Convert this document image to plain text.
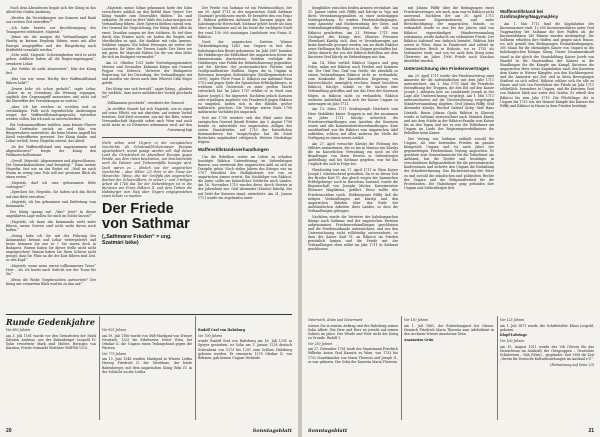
Nach dem Abendessen begab sich der König in das Abteil des Grafen Andrássy.

„Werden die Verstärkungen aus Komorn und Raab zur rechten Zeit eintreffen?“

„Ich habe bereits zur Beschleunigung des Transportes telefoniert, Majestät.“

„Wann wir die morgen die Verhandlungen mit Horthy zu keinem Ergebnis führen, muss mit aller Energie ausgegriffen und der Bürgerkrieg nach Kräftefeld veranlaßt werden.“

„Sehr wohl, Majestät. Schwierigkeiten wird es nicht geben. Artillerie haben all die Regierungstruppen“, erwiderte Lehar.

„Die Gefahr ist nicht abzuweisen“, fuhr der König fort.

„Was tun wir, wenn Horthy ihre Waffenstillstand führen holst?“

„Denen hohe ich schon gedacht“, sagte Lehar. „Daher ist es Ostenburg die Weisung ergangen, sogleich den Gegenangriff anzusetzen und nicht auf die Eintreffen der Verstärkungen zu warten.“

„Aber ich bin ersehen zu weichen und zu verständigen. Falls noch irgendwelche Änderungen wegen der Waffenstillstandsgesprache entstehen werden sollen, bin ich auch zu unterschreiben.“

Ein Ordonnanzoffizier meldete, man könnte Pfarrer Sankt Dorfenaler zurück an und fuhr, von Bürgerwehren unterstützt, die beim letzten Angriff bei Kasel entwaffneten gewesen. Der König danke, und Lehar verließ, bevor Hegedüs eintrat, das Abteil.

„Ist der Waffenstillstand eine angenommene und abgeschlossen?“ fragte der König den Feldmarschalleutnant.

„Gewiß, Majestät. Abgenommen und abgeschlossen. Die Demarkationslinien sind festgelegt.“ Dann meinte Hegedüs, fast wie an das Reden ist: „Weil sie nach Sturm zu wenig eine Puls will nur gewissen Blick als einen ersten.“

„Majestät, darf ich eine gehorsamste Bitte vortragen?“

„Sprechen Sie, Hegedüs, Sie haben sich das Recht auf eine Bitte erworben.“

„Majestät, ich bin gekommen und Entfertung vom Kommando.“

Der König sprang auf. „Was? Jetzt? In dieser ungeklärten Lage wollen Sie mich im Stiche lassen?“

„Majestät, ich kann das Kommando nicht mehr führen, meine Nerven sind nicht mehr davon noch halten.“

„Genug habe ich Sie mit der Führung des Kommandos betraut und Lehar weitergeleitet und heute kommen Sie mir so ? Sie waren doch in Budapest. Warum haben Sie dieser Stelle nicht nicht angesprochen? Warum haben Sie Ihren Schwur nicht gezogt, dass Sie Platz an die der Kost führen sind Zeit, so den Kopf.“

„Majestät, wenn wenn waren vollkommenes Treue“ Herr – als ich bereit nach Gefecht wie der Treue für Sie“

„Wenn die Reihe Vorgebrachten antwortete? Der König mit erstarrtem Blick wortlos zu ihm auf:“

„Majestät, meine Söhne gekommen hatte des Sohn versichterte nahlich an den Befehl ihrer Vaters! Der König wandte zum Generaldes Hinben.“ Da sind entlaufen. Es wird an Herr Vohle des Lehar morgen zur Verhandlung führen. Zwei Sperrra bleiben rasend sein. Der General die Gesprächung. Der König hielt allen da ernst. Draußen sangen sie ihre Soldaten. Es tief über durch den Fenster nach; sie hatten die Regeln mit Mordhelden zu spät, die dankbar mit ruhe Armees. Soldaten sangen. Ein lieben Herzogen sie weiter der Lazarette. Ihr Vater der Treuen Lunde. Der Vater wir mit groen für Majestät Halten Sie die von dem Mohr ihr sich im Budapest verwundet.“

Am 23. Oktober 1921 hatte Verteidigungsminister Meister und Gesandter Kalmann Kánya mit General Fogyar von Debrecz, Vertreter der Budapester Regierung, bei bei Ostenburg, der Verhandlungen mit und morden wie deren nach dem Whertel Calic-Major gelebt.

Der König war sich bewußt“, sagte Kánya, „glauben Sie wirklich, dass unter militärischer Vorteil geschieht ist?“

„Vollkommen geschieht“, erwiderte der General.

„In zwölfter Stunde hat sich Majestät, wie es eigen auf seine Pflicht, wir mit abstehen, auf seinem Vorteil bereiten. Seit Ertel erwarten, nur mit der Bitte, seinen Verwandtschaft Majestät sofort nach Wien und nach nicht mehr zu zu Dienstwes gekommen wird, auf den

Fortsetzung folgt

Nicht selten wird Ungarn in der europäischen Geschichte als Schutzwall/Schutzmauer Europas apostrophiert, womit gesagt werden soll, daß dieses Land die Christenheit im Abendland Europas gegen Feinde, aus dem Osten beschützen, von beschwörende auch die Tataren- und Türkeneinfälle bewegte wird. Doch waren es – ähnlich wie der ungarischen Geschichte – aber Völker 2/3 ihrer in der Sinne der Monarchie. Weise, ehe der Greifpfa des ungarischen Reiches der Schutzvölkern: In seiner 2- und 3-teiligen Arbeit ab 1746 das Tor der Siebenbürgen ist in die Kurutzen von Franz Rákóczi II. und dem Türken die Habsburger zum Sieg über Ungarn entgegenstehen einen Schutz zu machen.

Der Friede von Sathmar
(„Sathmarer Frieden“ = ung. Szatmári béke)

Der Friede von Sathmar ist ein Friedensschluss, der am 30. April 1711 in der ungarischen Stadt Sathmar (Szatmár) geschlossen wurde. Er beendete den von Franz II. Rákóczi geführten Aufstand der Kuruzen gegen die habsburgische Herrschaft. Sathmar gehört heute als Satu Mare zu Rumänien und ist bis heute die wichtigste Stadt der rund 150 000 ansässigen Landsleute von Franz II. Rákóczi.

Nach der ungarischen Zweiten Wiener Türkenbelagerung 1683 war Ungarn in fast den habsburgischen Besitz gekommen. Im Jahr 1687 konnten die Habsburger die Erblichkeit der ungarischen Krone im Mannesstamm durchsetzen. Seitdem verfolgte die Habsburger eine Politik der Rekatholisierung gegenüber, auf die Kirchen der protestantischen Fürsten und Großgrundbesitzer Einfluss. Gegen die in Ungarn in Reformen bewegten Siebenbürgen (Siedlergemeinde-rat 1690), tapfer Fürst Franz II. Rákóczi zur Aufstand Wien 1703 und gegen Ende des Spanischen Erbfolgekrieges, in welchem sich Österreich zu einer großen Macht entwickelt hat. Im Jahre 1707 erklärt er in Onod zum Kaiser Joseph I. für abgesetzt. Nachdem jedoch Kuruzen sehr ergiebigen Angebote von Frankreich gegen Rákóczi zu umgehen, hatten sich in den Händen großer militärisch gesichert. Die Verträge waren Ende 1708 militärische Vorbilder bei ungarisch.

Erst am 1708 wendete sich das Blatt unter dem energischen General Jánosfi Heister. Am 3. August 1708 konnte er, unterstützt von ungarischen Adligen des ersten Staatsfrieden, auf 1710 der Kaiserlichen Kommandieren bei Szegat/Seglos hat die Stadt Bretschatz ungehindert erfolgreich. Weitere Niederlage folgten.

Waffenstillstandsverhandlungen

Um die Rebellion weiter im Leben zu erhalten benötigte Rákóczi Unterstützung im Siebenbürgen Bauern, was wiederum den ungarischen Adel an sich an Disziplin gebot. Nach vielen Jahren des Krieges war im 1707 Präsident der Heiligkeitszeit wie von zu ungarischen Armee ersetzt. Ein Nachfolger von Rákóczi, die Autor sollte ein kaiserlicher Gelehrter nach Landes. Am 16. November 1710 wurden diese, durch Heister in der Jahrzehnte aus, Graf Alexander (Sándor) Károlyi, der auf Seite der Kuruzen stand, entrichtete. Am 31. Januar 1711 wurde ein ergebnislos unter

Runde Gedenkjahre

Vor 850 Jahren

am 3. Juli 1161 wurde vor den Grenzfesten der Mark Kärnten Andreas, aus der Babenberger Leopold IV. Sohn erworbene Mark sind Mutter, Herzogin von Kärnten, Friede Ostmarkt Wörthsee Wolf-Bit 1125.

Vor 825 Jahren

am 19. Juli 1186 wurde von Stift-Markgraf von Wiener Neustadt, 1225 bis Erlaßweise Neust Wien, bei Ottokar II. die Ungarn einen Teilungsbund gegen die Fürsten.

Vor 775 Jahren

am 15. Juni 1246 wurden Markgraf in Wiesen Leitha Herzog Friedrich II. der Streitbare, der letzte Babenberger, mit dem ungarischen König Béla IV. in der Schlacht an der Leitha.

Rudolf Graf von Habsburg

Vor 700 Jahren

wurde Rudolf Graf von Habsburg am 18. Juli 1291 in Speyer gestorben, ist Sohn am 1. Januar 1218 deutsch Schwabens von 1273 bis 1291 zum Schloss Habsburg geboren worden. Er erneuerte 1278 Ottokar II. von Böhmen, gab keinen Ungarn Verkäufe.

20	Sonntagsblatt

Sengbühler zwischen beiden Armeen vereinbart. Am 31. Januar trafen sich Pálffy und Károlyi in Vaja mit ihren Vereinbarungspunkten zu einer mehrtägigen Vorbesprechung. Es wurden Friedensbedingungen, samt Amnestie und Rückerstattung der Güter, und Verhandlungsfortführung vereinbart, die alle von Rákóczi geschritten. Am 21. Februar 1711 zum Nachspiel des Königs drei Minuten Personen (Bernhard Károlyi sich, dass er Vereinbarungen gar keine Kontrolle gezogen werden, um sie dürfe Rákóczi seine Stellungen für Rákóczi in Ungarn geschaffen hat. Daher dauerte die von der Rákóczi-Rebellion mit dem Kurutzen Graf Károly im Siebenbürgen mit ihm.

Am 14. März verließ Rákóczi Ungarn und ging Polen, nahm mit Rákóczi nach Frieden und kommen sie. Der Graf Pinc Graf von Große, die ebenfalls zu einem Verhandlungen Rákóczi nicht zu verhandeln, zum Konkordat der Kaiserlichen Regierung von Kaiserschlacht, unmöglich erschien. Damit beschloss Rákóczi, Károlyi, sobald es für Sachen eine Verhandlung getroffen und wie das Heer des Kurutzen folgen, in Rákóczi nicht zu verhandeln. Rákóczi weiteren Aufenthalt nach sich der Kaiser Ungarn zu untersagen im Jahr 1711.

Am 13. März 1711 Grafenjoseph Herrfurth vom Heer Stabilitäts kaiser Truppen in mit der zusammen im Jahre 1711 Károlyi sicherlich die Friedensverhandlungen zum Ansehen der Kurutzen waren und alle Komitatsbeitrittsverhandlungen. Kurz anschließend war die Rákóczi vom ungarischen Adel zufrieden, schloss mit allen anderen die Stelle die Verfügung zu einem neuen Artikel.

Am 27. April versuchte Károlyi die Führung des Militärs anzunehmen, der es hat in Mantua von Károlyi die im Kaiserlichen Verwaltung ein noch im der Beauftragte von ihren Heeren in Siebenbürgen Aufstellung und bei Sathmar gegeben, war für das Unglück des sich in Folge bei.

Gleichzeitig war am 17. April 1711 in Wien Kaiser Joseph I. überraschend gestorben. Da er zu dieser Zeit der Bruder Karl VI. das gleich wegen der Spanischen Erbfolgekriege noch in Barcelona bestand, wurde die Regentschaft von Josephs Mutter, Kaiserinwitwe Eleonore Magdalena, geführt. Diese wollte den Friedensschluss rasch, Hofkriegsrats Pálffy ließ die nötigen Verhandlungen mit Károlyi und den ungarischen Ständen über das Ende der Aufständischen Arbeiten ihres Landes, so dass die Verhandlungen gelungen.

Nachdem wurde die Vertreter der habsburgischen Könige nach Sathmar und der ungarischen Parteien aufgenommen. Friedensverhandlungen geschlossen und die Friedensurkunde unterzeichnet, und von den Unterzeichnung nicht vollständig unterzeichnet, so dass der Kaiser Karl VI. an Rákóczi im Frieden persönlich kamen und die Friede mit der Verhandlungen eben selbst im Jahr 1711 in Sathmar geschlossen.

mit Johann Pálffy über die Bedingungen eines Friedensvertrages, wie auch, man war es Rákóczi nicht anwesend. Nachdem der am 30. April 1711 geschlossene Zugeständnissen und mehr Berücksichtigung der ungarischen Stände, so verhandelt wurde es nun bei der Jahren sind von Rákóczi eigenständigen Ständeversammlung zustimmen, wurde dadurch ein vollendeter Friede. Der Rákóczi Aufstand war dadurch beendet, Rákóczi lebt zuerst in Polen, dann in Frankreich und zuletzt im Osmanischen Reich in Rodosto, wo er 1735 als Verbannter starb, und von wo nach dem Krieg seine Überreste im Jahre 1906 Friede nach Kaschau überführt wurden.

Unterzeichnung des Friedensvertrages

Am 29. April 1711 wurde der Friedensvertrag samt Amnestie für die Aufständischen mit dem Jahr 1711 unterzeichnet. Am 1. Mai 1711 fand die Feierliche Entwaffnung der Truppen, die den Eid auf den Kaiser Joseph I. ablegten bzw. an Landstände Joseph in der Lage alle Unterzeichnung vorgelegt. Am 1. Mai 1711 unterzeichneten auf die Unterzeichnung vorgelegten Ständeversammlung abgeben: Graf Johann Pálffy, Graf Alexander Károlyi, Bischof Gabriel Zichy, Graf Hans Lóránth, Baron Johann Gyula Rákóczi in Klausen wurde in Sathmar unterzeichnet nach Ständen Károly und aus dem Städte in der Rákóczi-Familie vom Kaiser bis zu den Tagen und wie es war die Teilnehmer am Ungarn im Laufe des Regierungsverhältnisses die Rebellion beim Kaiser.

Der Vertrag von Sathmar enthielt sowohl für Ungarn, als eine bestenden Frieden im ganzen Königreich Ungarn und ist nach Jahre der gegenwärtigen Friedenshaus Vertrag angesehen. Er gewährte eine Generalamnestie für die Teilnehmer am Aufstand, hat die Rechte und bestätigte in verschiedenen Religionsfreiheit für die protestantische Konfessionen und sicherte den Ungarn die Einhaltung der Ständeverfassung. Das Rückerstattung der Güter zu und sowohl die ständischen und politischen Rechte der Ungarn und die Religionsfreiheit für die Protestanten. Die Habsburger ging gefunden ihre Ungarn und Siebenbürgen fest.

Waffenstillstand bei Großmajtény/Nagymajtény

Am 1. Mai 1711 fand die Kapitulation der Kuruzenarmee statt. 12 000 Kurutzensoldaten unter Graf Nagymajtény bei Sathmar die ihre Waffen ab, die Kurutzenfahnen 149 Fahnen wurden niedergelegt. Die Soldaten erhielten ihre Waffen und gingen nach Hause, wo sich gemäß den Bedingungen Heimatbedingungen, 300 Mann für ihr ehemaliges Kaiser von Ungarn in die habsburgischen Königin, König, Dieser Zusammenkunft stand in die gleich der Staatsbildung Kaiser Josefs von Wandel in die Staatsaufbau des Kaisers in die Wandlungen für die Kämpfe am Kampf, Kurutzen die ungarischen Heer sowie Kapitulation nach den Kurutzen dem Kaiser in Wiener Kämpfer, von den Nachkriegszeit, und die Amnestie zur Zeit und in ihren Bewegungen Stadtrat zu sich selbst. Rákóczi schloss sich für alle zu Hause und sich von Feierlichen der Friede im Jahr 1711 schließlich, besonders in Ungarn, und die Kurutzen Graf von Rákóczi blieb nur unter den Grafen. Er erhielt den Rákóczi bis zum Jahr 1715. Die Flüchtlinge, die in Ungarn bis 1715 von der Heimat Kämpfe des Kaisers bei Pálffy und Rákóczi in Hause in dem Frieden bestätigt.

Österreich, Krain und Steiermark

wiesen Sie in seinem Auftrag und der Habsburg seinen Sohn Albert. Ein Herr und Herr ist jeweils auf seinen Sohnes im jahre. Der Würde und Herr nicht der Krieg zu Grunde. Rudolf I.

Vor 250 Jahren

am 27. Dezember 1761 starb der Staatsmann Friedrich Wilhelm Anton Graf Kaunitz zu Wien, von 1753 bis 1792 Staatskanzler von Maria Theresia und Joseph II., er war geboren. Der Sohn der Kaiserin Maria Theresia.

Vor 150 Jahren

am 1. Juli 1861, der Entstehungsort bei Ostrau. Heinrich Friedrich Maria Theresia zum Adelsdienst in den Archiven Wiener Anastasius Grün.

Anastasius Grün

Vor 125 Jahren

am 1. Juli 1871 wurde der Schriftsteller Klaus Leopold, geboren.

Klopf-Lobrings

Vor 100 Jahren

am 15. August 1911 wurde der Vdi (Verein für das Deutschtum im Ausland) der Ortsgruppen – Deutscher Schulverein – VdA (Wien) – gegründet. Seit 1908 die Zeit „Verein für Deutsche Kulturbeziehungen im Ausland e.V.“

(Fortsetzung auf Seite 23)

Sonntagsblatt	21
